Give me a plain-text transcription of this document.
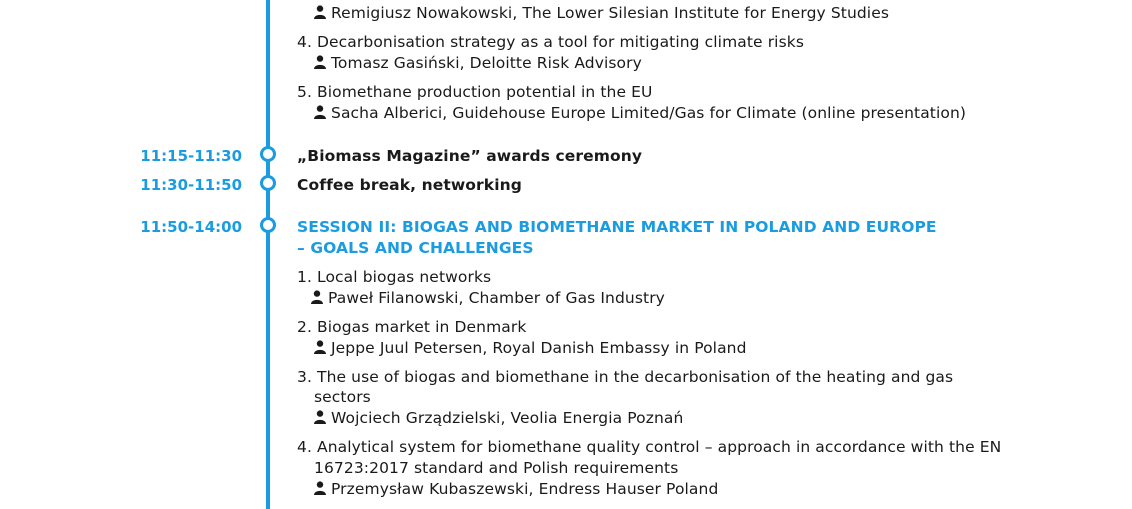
Remigiusz Nowakowski, The Lower Silesian Institute for Energy Studies
4. Decarbonisation strategy as a tool for mitigating climate risks
Tomasz Gasiński, Deloitte Risk Advisory
5. Biomethane production potential in the EU
Sacha Alberici, Guidehouse Europe Limited/Gas for Climate (online presentation)
11:15-11:30	„Biomass Magazine” awards ceremony
11:30-11:50	Coffee break, networking
11:50-14:00	SESSION II: BIOGAS AND BIOMETHANE MARKET IN POLAND AND EUROPE
– GOALS AND CHALLENGES
1. Local biogas networks
Paweł Filanowski, Chamber of Gas Industry
2. Biogas market in Denmark
Jeppe Juul Petersen, Royal Danish Embassy in Poland
3. The use of biogas and biomethane in the decarbonisation of the heating and gas
sectors
Wojciech Grządzielski, Veolia Energia Poznań
4. Analytical system for biomethane quality control – approach in accordance with the EN
16723:2017 standard and Polish requirements
Przemysław Kubaszewski, Endress Hauser Poland
